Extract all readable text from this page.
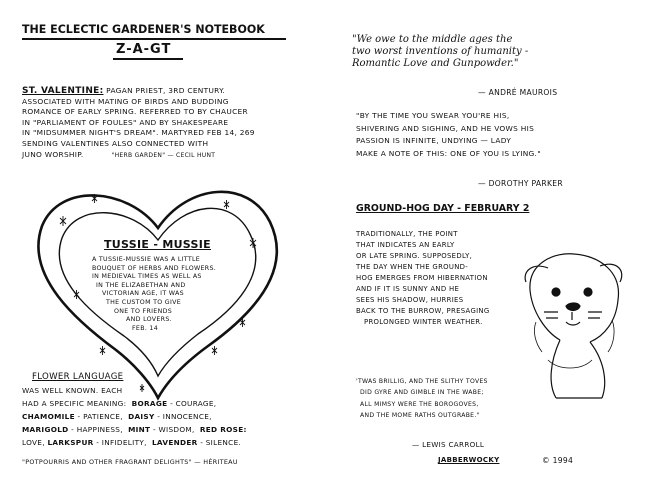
THE ECLECTIC GARDENER'S NOTEBOOK
Z-A-GT
ST. VALENTINE: PAGAN PRIEST, 3RD CENTURY.
ASSOCIATED WITH MATING OF BIRDS AND BUDDING
ROMANCE OF EARLY SPRING. REFERRED TO BY CHAUCER
IN "PARLIAMENT OF FOULES" AND BY SHAKESPEARE
IN "MIDSUMMER NIGHT'S DREAM". MARTYRED FEB 14, 269
SENDING VALENTINES ALSO CONNECTED WITH
JUNO WORSHIP.	"HERB GARDEN" — CECIL HUNT
TUSSIE - MUSSIE
A TUSSIE-MUSSIE WAS A LITTLE
BOUQUET OF HERBS AND FLOWERS.
IN MEDIEVAL TIMES AS WELL AS
IN THE ELIZABETHAN AND
VICTORIAN AGE, IT WAS
THE CUSTOM TO GIVE
ONE TO FRIENDS
AND LOVERS.
FEB. 14
FLOWER LANGUAGE
WAS WELL KNOWN. EACH
HAD A SPECIFIC MEANING: BORAGE - COURAGE,
CHAMOMILE - PATIENCE, DAISY - INNOCENCE,
MARIGOLD - HAPPINESS, MINT - WISDOM, RED ROSE:
LOVE, LARKSPUR - INFIDELITY, LAVENDER - SILENCE.
"POTPOURRIS AND OTHER FRAGRANT DELIGHTS" — HÉRITEAU
"We owe to the middle ages the
two worst inventions of humanity -
Romantic Love and Gunpowder."
— ANDRÉ MAUROIS
"BY THE TIME YOU SWEAR YOU'RE HIS,
SHIVERING AND SIGHING, AND HE VOWS HIS
PASSION IS INFINITE, UNDYING — LADY
MAKE A NOTE OF THIS: ONE OF YOU IS LYING."
— DOROTHY PARKER
GROUND-HOG DAY - FEBRUARY 2
TRADITIONALLY, THE POINT
THAT INDICATES AN EARLY
OR LATE SPRING. SUPPOSEDLY,
THE DAY WHEN THE GROUND-
HOG EMERGES FROM HIBERNATION
AND IF IT IS SUNNY AND HE
SEES HIS SHADOW, HURRIES
BACK TO THE BURROW, PRESAGING
PROLONGED WINTER WEATHER.
'TWAS BRILLIG, AND THE SLITHY TOVES
DID GYRE AND GIMBLE IN THE WABE;
ALL MIMSY WERE THE BOROGOVES,
AND THE MOME RATHS OUTGRABE."
— LEWIS CARROLL
JABBERWOCKY	© 1994
